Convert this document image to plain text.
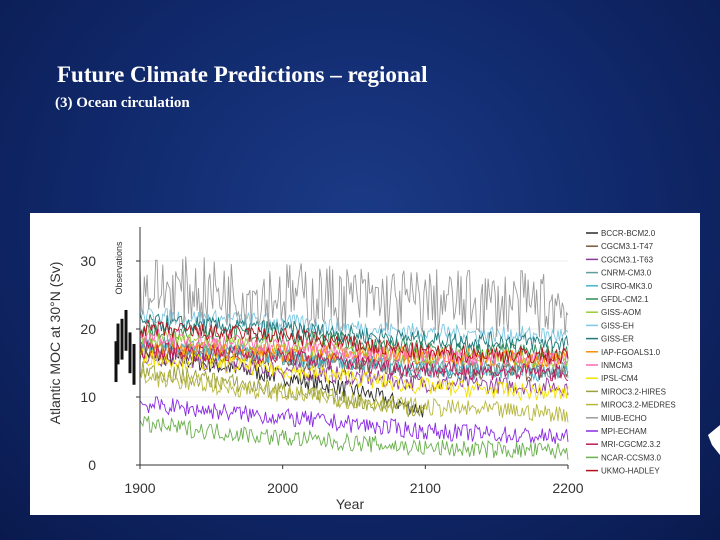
Future Climate Predictions – regional
(3) Ocean circulation
0
10
20
30
1900	2000	2100	2200
BCCR-BCM2.0
CGCM3.1-T47
CGCM3.1-T63
CNRM-CM3.0
CSIRO-MK3.0
GFDL-CM2.1
GISS-AOM
GISS-EH
GISS-ER
IAP-FGOALS1.0
INMCM3
IPSL-CM4
MIROC3.2-HIRES
MIROC3.2-MEDRES
MIUB-ECHO
MPI-ECHAM
MRI-CGCM2.3.2
NCAR-CCSM3.0
UKMO-HADLEY
Atlantic MOC at 30°N (Sv)
Year
Observations
